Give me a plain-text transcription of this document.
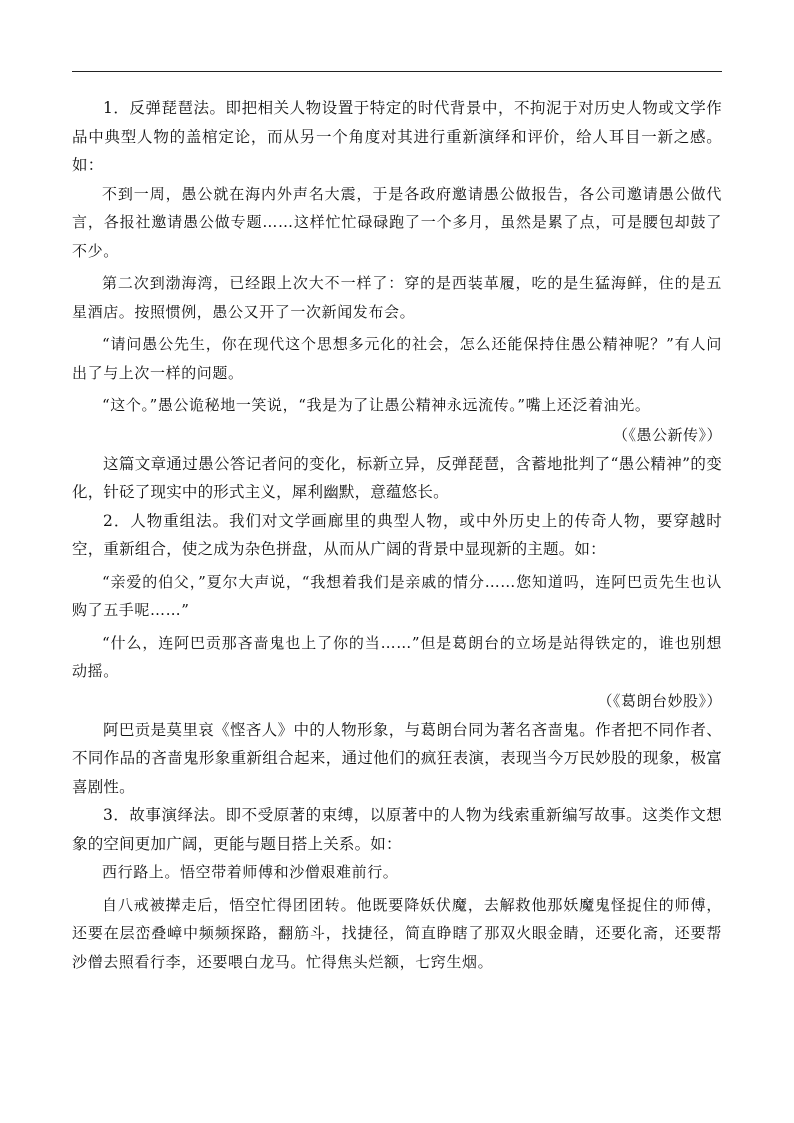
1．反弹琵琶法。即把相关人物设置于特定的时代背景中，不拘泥于对历史人物或文学作品中典型人物的盖棺定论，而从另一个角度对其进行重新演绎和评价，给人耳目一新之感。如：

不到一周，愚公就在海内外声名大震，于是各政府邀请愚公做报告，各公司邀请愚公做代言，各报社邀请愚公做专题……这样忙忙碌碌跑了一个多月，虽然是累了点，可是腰包却鼓了不少。

第二次到渤海湾，已经跟上次大不一样了：穿的是西装革履，吃的是生猛海鲜，住的是五星酒店。按照惯例，愚公又开了一次新闻发布会。

“请问愚公先生，你在现代这个思想多元化的社会，怎么还能保持住愚公精神呢？”有人问出了与上次一样的问题。

“这个。”愚公诡秘地一笑说，“我是为了让愚公精神永远流传。”嘴上还泛着油光。

（《愚公新传》）

这篇文章通过愚公答记者问的变化，标新立异，反弹琵琶，含蓄地批判了“愚公精神”的变化，针砭了现实中的形式主义，犀利幽默，意蕴悠长。

2．人物重组法。我们对文学画廊里的典型人物，或中外历史上的传奇人物，要穿越时空，重新组合，使之成为杂色拼盘，从而从广阔的背景中显现新的主题。如：

“亲爱的伯父，”夏尔大声说，“我想着我们是亲戚的情分……您知道吗，连阿巴贡先生也认购了五手呢……”

“什么，连阿巴贡那吝啬鬼也上了你的当……”但是葛朗台的立场是站得铁定的，谁也别想动摇。

（《葛朗台妙股》）

阿巴贡是莫里哀《悭吝人》中的人物形象，与葛朗台同为著名吝啬鬼。作者把不同作者、不同作品的吝啬鬼形象重新组合起来，通过他们的疯狂表演，表现当今万民妙股的现象，极富喜剧性。

3．故事演绎法。即不受原著的束缚，以原著中的人物为线索重新编写故事。这类作文想象的空间更加广阔，更能与题目搭上关系。如：

西行路上。悟空带着师傅和沙僧艰难前行。

自八戒被撵走后，悟空忙得团团转。他既要降妖伏魔，去解救他那妖魔鬼怪捉住的师傅，还要在层峦叠嶂中频频探路，翻筋斗，找捷径，简直睁瞎了那双火眼金睛，还要化斋，还要帮沙僧去照看行李，还要喂白龙马。忙得焦头烂额，七窍生烟。
